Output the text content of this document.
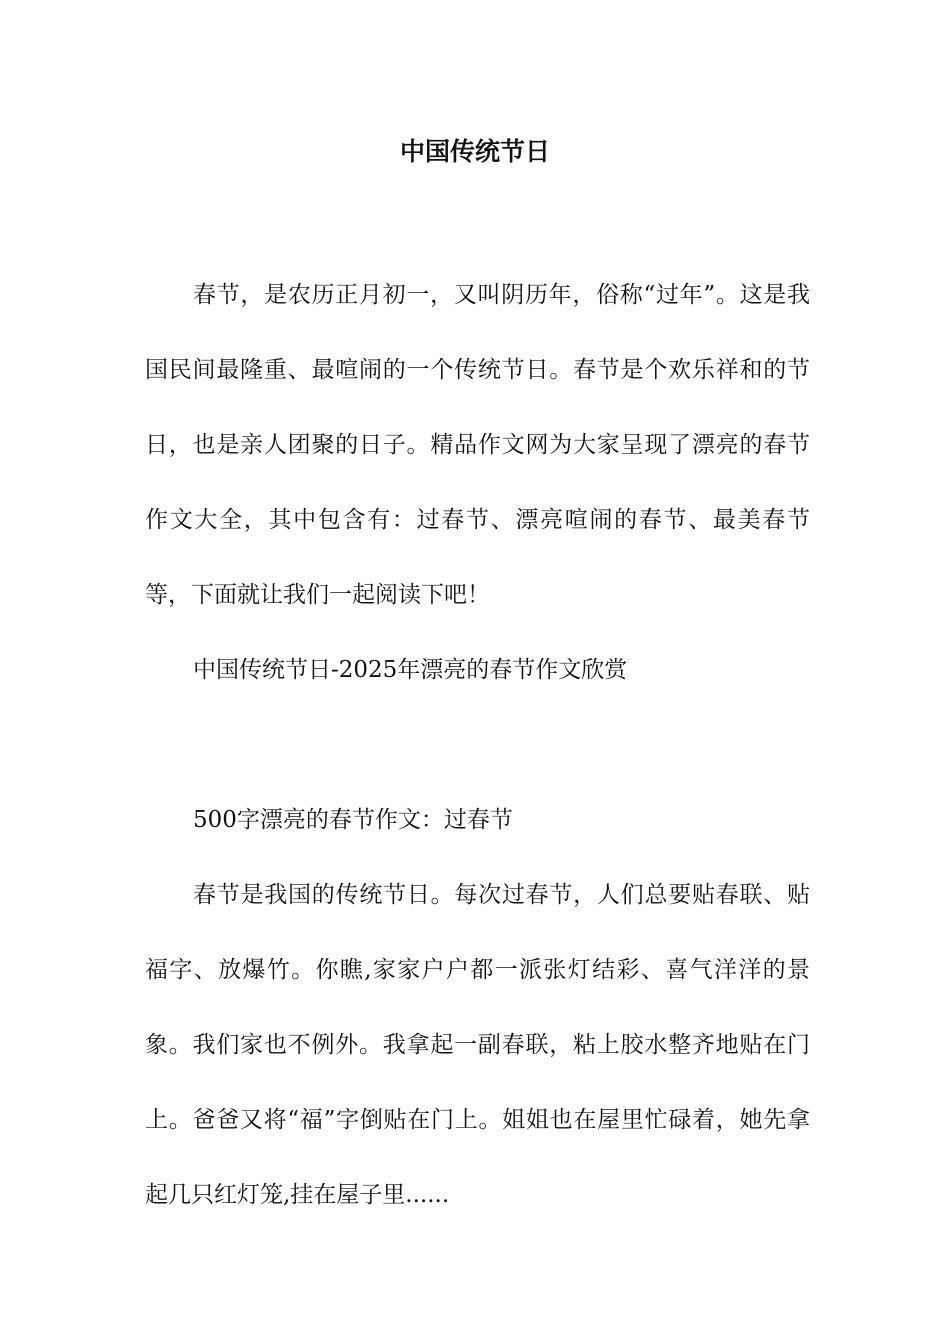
中国传统节日

春节，是农历正月初一，又叫阴历年，俗称“过年”。这是我国民间最隆重、最喧闹的一个传统节日。春节是个欢乐祥和的节日，也是亲人团聚的日子。精品作文网为大家呈现了漂亮的春节作文大全，其中包含有：过春节、漂亮喧闹的春节、最美春节等，下面就让我们一起阅读下吧！

中国传统节日-2025年漂亮的春节作文欣赏

500字漂亮的春节作文：过春节

春节是我国的传统节日。每次过春节，人们总要贴春联、贴福字、放爆竹。你瞧,家家户户都一派张灯结彩、喜气洋洋的景象。我们家也不例外。我拿起一副春联，粘上胶水整齐地贴在门上。爸爸又将“福”字倒贴在门上。姐姐也在屋里忙碌着，她先拿起几只红灯笼,挂在屋子里......
